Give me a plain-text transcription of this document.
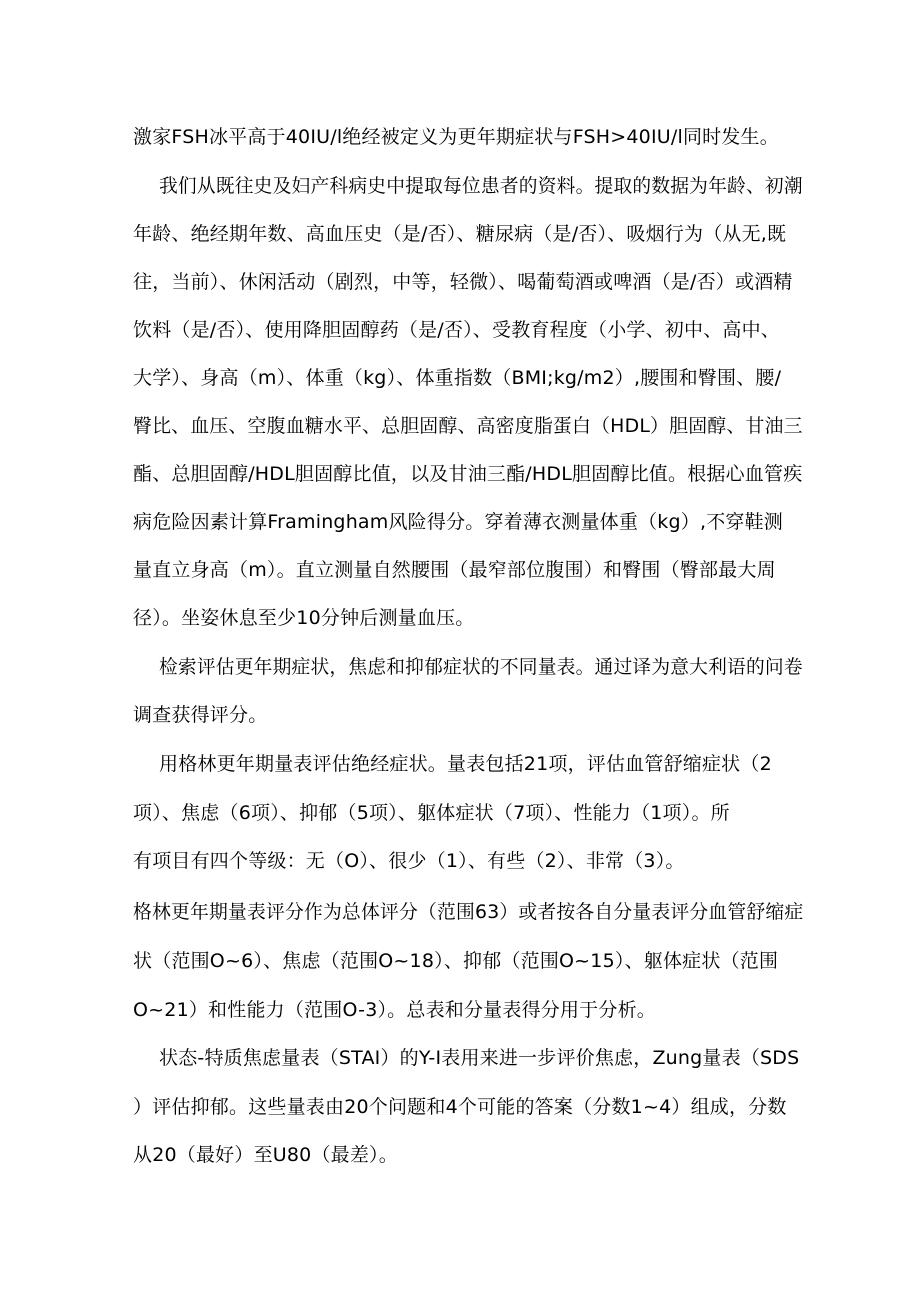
激家FSH冰平高于40IU/l绝经被定义为更年期症状与FSH>40IU/l同时发生。
我们从既往史及妇产科病史中提取每位患者的资料。提取的数据为年龄、初潮
年龄、绝经期年数、高血压史（是/否）、糖尿病（是/否）、吸烟行为（从无,既
往，当前）、休闲活动（剧烈，中等，轻微）、喝葡萄酒或啤酒（是/否）或酒精
饮料（是/否）、使用降胆固醇药（是/否）、受教育程度（小学、初中、高中、
大学）、身高（m）、体重（kg）、体重指数（BMI;kg∕m2）,腰围和臀围、腰/
臀比、血压、空腹血糖水平、总胆固醇、高密度脂蛋白（HDL）胆固醇、甘油三
酯、总胆固醇/HDL胆固醇比值，以及甘油三酯/HDL胆固醇比值。根据心血管疾
病危险因素计算Framingham风险得分。穿着薄衣测量体重（kg）,不穿鞋测
量直立身高（m）。直立测量自然腰围（最窄部位腹围）和臀围（臀部最大周
径）。坐姿休息至少10分钟后测量血压。
检索评估更年期症状，焦虑和抑郁症状的不同量表。通过译为意大利语的问卷
调查获得评分。
用格林更年期量表评估绝经症状。量表包括21项，评估血管舒缩症状（2
项）、焦虑（6项）、抑郁（5项）、躯体症状（7项）、性能力（1项）。所
有项目有四个等级：无（O）、很少（1）、有些（2）、非常（3）。
格林更年期量表评分作为总体评分（范围63）或者按各自分量表评分血管舒缩症
状（范围O~6）、焦虑（范围O~18）、抑郁（范围O~15）、躯体症状（范围
O~21）和性能力（范围O-3）。总表和分量表得分用于分析。
状态-特质焦虑量表（STAI）的Y-I表用来进一步评价焦虑，Zung量表（SDS
）评估抑郁。这些量表由20个问题和4个可能的答案（分数1~4）组成，分数
从20（最好）至U80（最差）。
